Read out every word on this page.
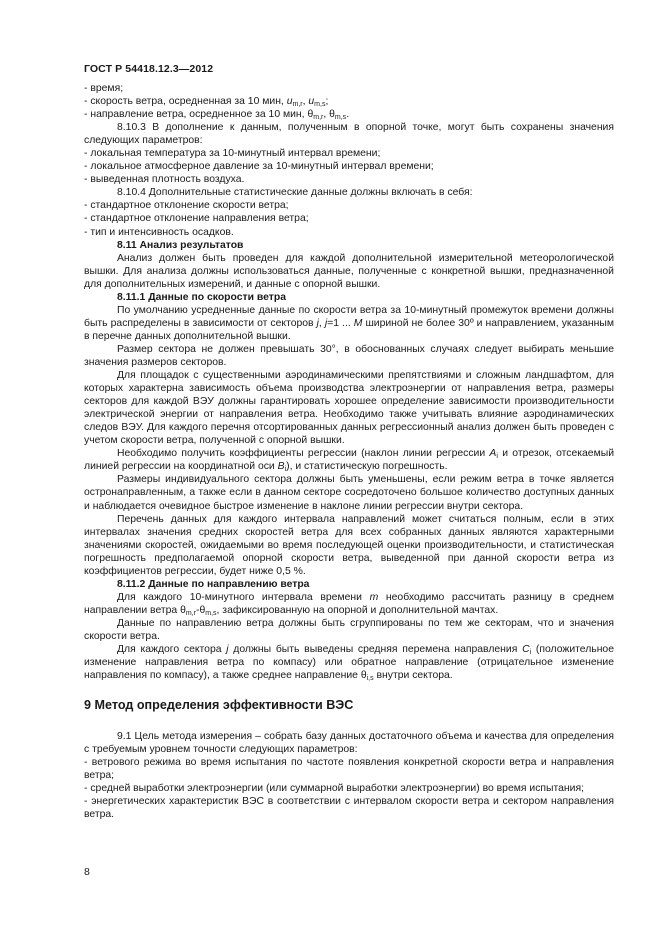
ГОСТ Р 54418.12.3—2012

- время;

- скорость ветра, осредненная за 10 мин, $u_{m,r}$, $u_{m,s}$;

- направление ветра, осредненное за 10 мин, $\theta_{m,r}$, $\theta_{m,s}$.

8.10.3 В дополнение к данным, полученным в опорной точке, могут быть сохранены значения следующих параметров:

- локальная температура за 10-минутный интервал времени;

- локальное атмосферное давление за 10-минутный интервал времени;

- выведенная плотность воздуха.

8.10.4 Дополнительные статистические данные должны включать в себя:

- стандартное отклонение скорости ветра;

- стандартное отклонение направления ветра;

- тип и интенсивность осадков.

8.11 Анализ результатов

Анализ должен быть проведен для каждой дополнительной измерительной метеорологической вышки. Для анализа должны использоваться данные, полученные с конкретной вышки, предназначенной для дополнительных измерений, и данные с опорной вышки.

8.11.1 Данные по скорости ветра

По умолчанию усредненные данные по скорости ветра за 10-минутный промежуток времени должны быть распределены в зависимости от секторов j, j=1 ... M шириной не более 30º и направлением, указанным в перечне данных дополнительной вышки.

Размер сектора не должен превышать 30°, в обоснованных случаях следует выбирать меньшие значения размеров секторов.

Для площадок с существенными аэродинамическими препятствиями и сложным ландшафтом, для которых характерна зависимость объема производства электроэнергии от направления ветра, размеры секторов для каждой ВЭУ должны гарантировать хорошее определение зависимости производительности электрической энергии от направления ветра. Необходимо также учитывать влияние аэродинамических следов ВЭУ. Для каждого перечня отсортированных данных регрессионный анализ должен быть проведен с учетом скорости ветра, полученной с опорной вышки.

Необходимо получить коэффициенты регрессии (наклон линии регрессии $A_i$ и отрезок, отсекаемый линией регрессии на координатной оси $B_i$), и статистическую погрешность.

Размеры индивидуального сектора должны быть уменьшены, если режим ветра в точке является остронаправленным, а также если в данном секторе сосредоточено большое количество доступных данных и наблюдается очевидное быстрое изменение в наклоне линии регрессии внутри сектора.

Перечень данных для каждого интервала направлений может считаться полным, если в этих интервалах значения средних скоростей ветра для всех собранных данных являются характерными значениями скоростей, ожидаемыми во время последующей оценки производительности, и статистическая погрешность предполагаемой опорной скорости ветра, выведенной при данной скорости ветра из коэффициентов регрессии, будет ниже 0,5 %.

8.11.2 Данные по направлению ветра

Для каждого 10-минутного интервала времени m необходимо рассчитать разницу в среднем направлении ветра $\theta_{m,r}-\theta_{m,s}$, зафиксированную на опорной и дополнительной мачтах.

Данные по направлению ветра должны быть сгруппированы по тем же секторам, что и значения скорости ветра.

Для каждого сектора j должны быть выведены средняя перемена направления $C_i$ (положительное изменение направления ветра по компасу) или обратное направление (отрицательное изменение направления по компасу), а также среднее направление $\theta_{i,s}$ внутри сектора.

9 Метод определения эффективности ВЭС

9.1 Цель метода измерения – собрать базу данных достаточного объема и качества для определения с требуемым уровнем точности следующих параметров:

- ветрового режима во время испытания по частоте появления конкретной скорости ветра и направления ветра;

- средней выработки электроэнергии (или суммарной выработки электроэнергии) во время испытания;

- энергетических характеристик ВЭС в соответствии с интервалом скорости ветра и сектором направления ветра.

8
